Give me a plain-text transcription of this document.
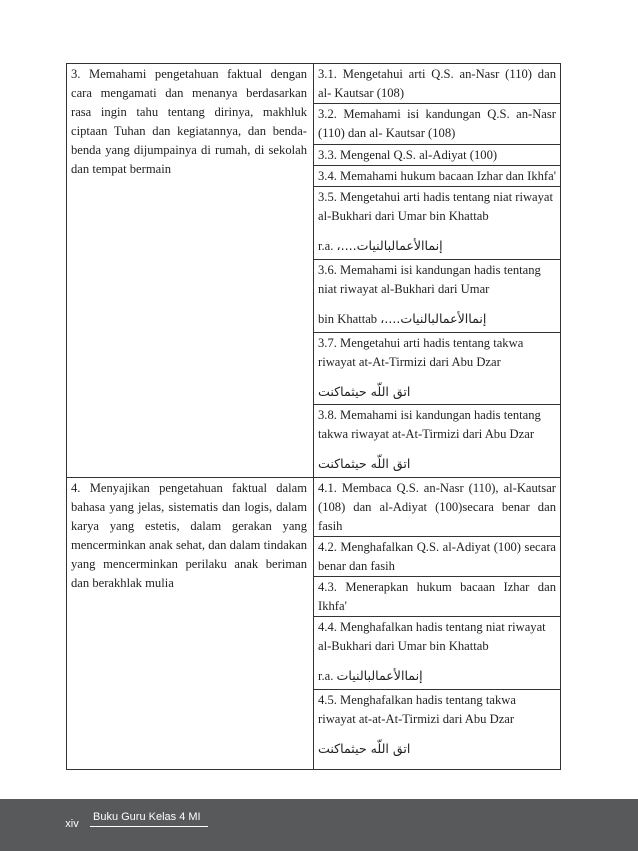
3. Memahami pengetahuan faktual dengan cara mengamati dan menanya berdasarkan rasa ingin tahu tentang dirinya, makhluk ciptaan Tuhan dan kegiatannya, dan benda-benda yang dijumpainya di rumah, di sekolah dan tempat bermain	3.1. Mengetahui arti Q.S. an-Nasr (110) dan al- Kautsar (108)
	3.2. Memahami isi kandungan Q.S. an-Nasr (110) dan al- Kautsar (108)
	3.3. Mengenal Q.S. al-Adiyat (100)
	3.4. Memahami hukum bacaan Izhar dan Ikhfa'
	3.5. Mengetahui arti hadis tentang niat riwayat al-Bukhari dari Umar bin Khattab
r.a. إنماالأعمالبالنيات....،

	3.6. Memahami isi kandungan hadis tentang niat riwayat al-Bukhari dari Umar
bin Khattab إنماالأعمالبالنيات....،

	3.7. Mengetahui arti hadis tentang takwa riwayat at-At-Tirmizi dari Abu Dzar
اتق اللّه حيثماكنت

	3.8. Memahami isi kandungan hadis tentang takwa riwayat at-At-Tirmizi dari Abu Dzar
اتق اللّه حيثماكنت

4. Menyajikan pengetahuan faktual dalam bahasa yang jelas, sistematis dan logis, dalam karya yang estetis, dalam gerakan yang mencerminkan anak sehat, dan dalam tindakan yang mencerminkan perilaku anak beriman dan berakhlak mulia	4.1. Membaca Q.S. an-Nasr (110), al-Kautsar (108) dan al-Adiyat (100)secara benar dan fasih
	4.2. Menghafalkan Q.S. al-Adiyat (100) secara benar dan fasih
	4.3. Menerapkan hukum bacaan Izhar dan Ikhfa'
	4.4. Menghafalkan hadis tentang niat riwayat al-Bukhari dari Umar bin Khattab
r.a. إنماالأعمالبالنيات

	4.5. Menghafalkan hadis tentang takwa riwayat at-at-At-Tirmizi dari Abu Dzar
اتق اللّه حيثماكنت
xiv
Buku Guru Kelas 4 MI
